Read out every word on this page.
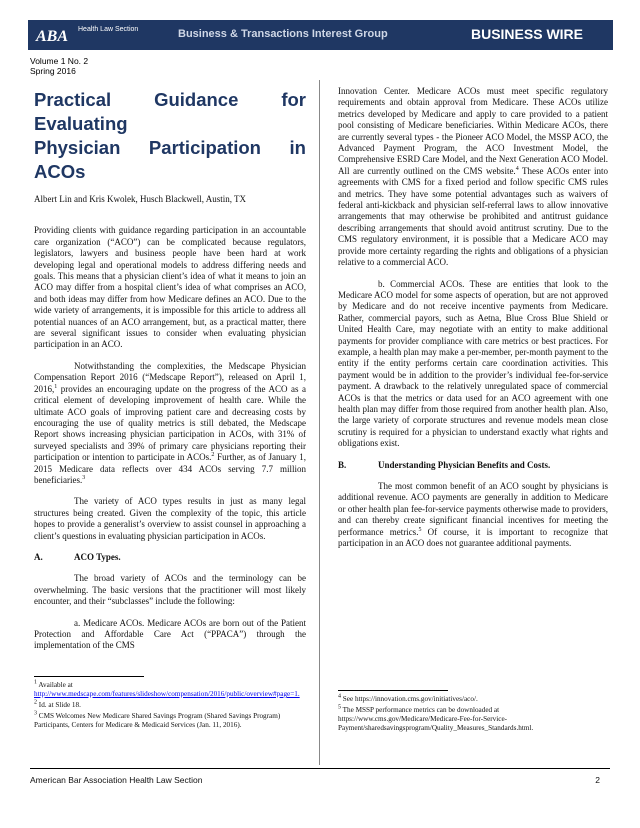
ABA Health Law Section	Business & Transactions Interest Group	BUSINESS WIRE
Volume 1 No. 2
Spring 2016
Practical Guidance for Evaluating
Physician Participation in ACOs
Albert Lin and Kris Kwolek, Husch Blackwell, Austin, TX

Providing clients with guidance regarding participation in an accountable care organization (“ACO”) can be complicated because regulators, legislators, lawyers and business people have been hard at work developing legal and operational models to address differing needs and goals. This means that a physician client’s idea of what it means to join an ACO may differ from a hospital client’s idea of what comprises an ACO, and both ideas may differ from how Medicare defines an ACO. Due to the wide variety of arrangements, it is impossible for this article to address all potential nuances of an ACO arrangement, but, as a practical matter, there are several significant issues to consider when evaluating physician participation in an ACO.

Notwithstanding the complexities, the Medscape Physician Compensation Report 2016 (“Medscape Report”), released on April 1, 2016,$^1$ provides an encouraging update on the progress of the ACO as a critical element of developing improvement of health care. While the ultimate ACO goals of improving patient care and decreasing costs by encouraging the use of quality metrics is still debated, the Medscape Report shows increasing physician participation in ACOs, with 31% of surveyed specialists and 39% of primary care physicians reporting their participation or intention to participate in ACOs.$^2$ Further, as of January 1, 2015 Medicare data reflects over 434 ACOs serving 7.7 million beneficiaries.$^3$

The variety of ACO types results in just as many legal structures being created. Given the complexity of the topic, this article hopes to provide a generalist’s overview to assist counsel in approaching a client’s questions in evaluating physician participation in ACOs.

A.	ACO Types.

The broad variety of ACOs and the terminology can be overwhelming. The basic versions that the practitioner will most likely encounter, and their “subclasses” include the following:

a. Medicare ACOs. Medicare ACOs are born out of the Patient Protection and Affordable Care Act (“PPACA”) through the implementation of the CMS

$^1$ Available at
http://www.medscape.com/features/slideshow/compensation/2016/public/overview#page=1.
$^2$ Id. at Slide 18.
$^3$ CMS Welcomes New Medicare Shared Savings Program (Shared Savings Program) Participants, Centers for Medicare & Medicaid Services (Jan. 11, 2016).

Innovation Center. Medicare ACOs must meet specific regulatory requirements and obtain approval from Medicare. These ACOs utilize metrics developed by Medicare and apply to care provided to a patient pool consisting of Medicare beneficiaries. Within Medicare ACOs, there are currently several types - the Pioneer ACO Model, the MSSP ACO, the Advanced Payment Program, the ACO Investment Model, the Comprehensive ESRD Care Model, and the Next Generation ACO Model. All are currently outlined on the CMS website.$^4$ These ACOs enter into agreements with CMS for a fixed period and follow specific CMS rules and metrics. They have some potential advantages such as waivers of federal anti-kickback and physician self-referral laws to allow innovative arrangements that may otherwise be prohibited and antitrust guidance describing arrangements that should avoid antitrust scrutiny. Due to the CMS regulatory environment, it is possible that a Medicare ACO may provide more certainty regarding the rights and obligations of a physician relative to a commercial ACO.

b. Commercial ACOs. These are entities that look to the Medicare ACO model for some aspects of operation, but are not approved by Medicare and do not receive incentive payments from Medicare. Rather, commercial payors, such as Aetna, Blue Cross Blue Shield or United Health Care, may negotiate with an entity to make additional payments for provider compliance with care metrics or best practices. For example, a health plan may make a per-member, per-month payment to the entity if the entity performs certain care coordination activities. This payment would be in addition to the provider’s individual fee-for-service payment. A drawback to the relatively unregulated space of commercial ACOs is that the metrics or data used for an ACO agreement with one health plan may differ from those required from another health plan. Also, the large variety of corporate structures and revenue models mean close scrutiny is required for a physician to understand exactly what rights and obligations exist.

B.	Understanding Physician Benefits and Costs.

The most common benefit of an ACO sought by physicians is additional revenue. ACO payments are generally in addition to Medicare or other health plan fee-for-service payments otherwise made to providers, and can thereby create significant financial incentives for meeting the performance metrics.$^5$ Of course, it is important to recognize that participation in an ACO does not guarantee additional payments.

$^4$ See https://innovation.cms.gov/initiatives/aco/.
$^5$ The MSSP performance metrics can be downloaded at https://www.cms.gov/Medicare/Medicare-Fee-for-Service-Payment/sharedsavingsprogram/Quality_Measures_Standards.html.
American Bar Association Health Law Section	2
